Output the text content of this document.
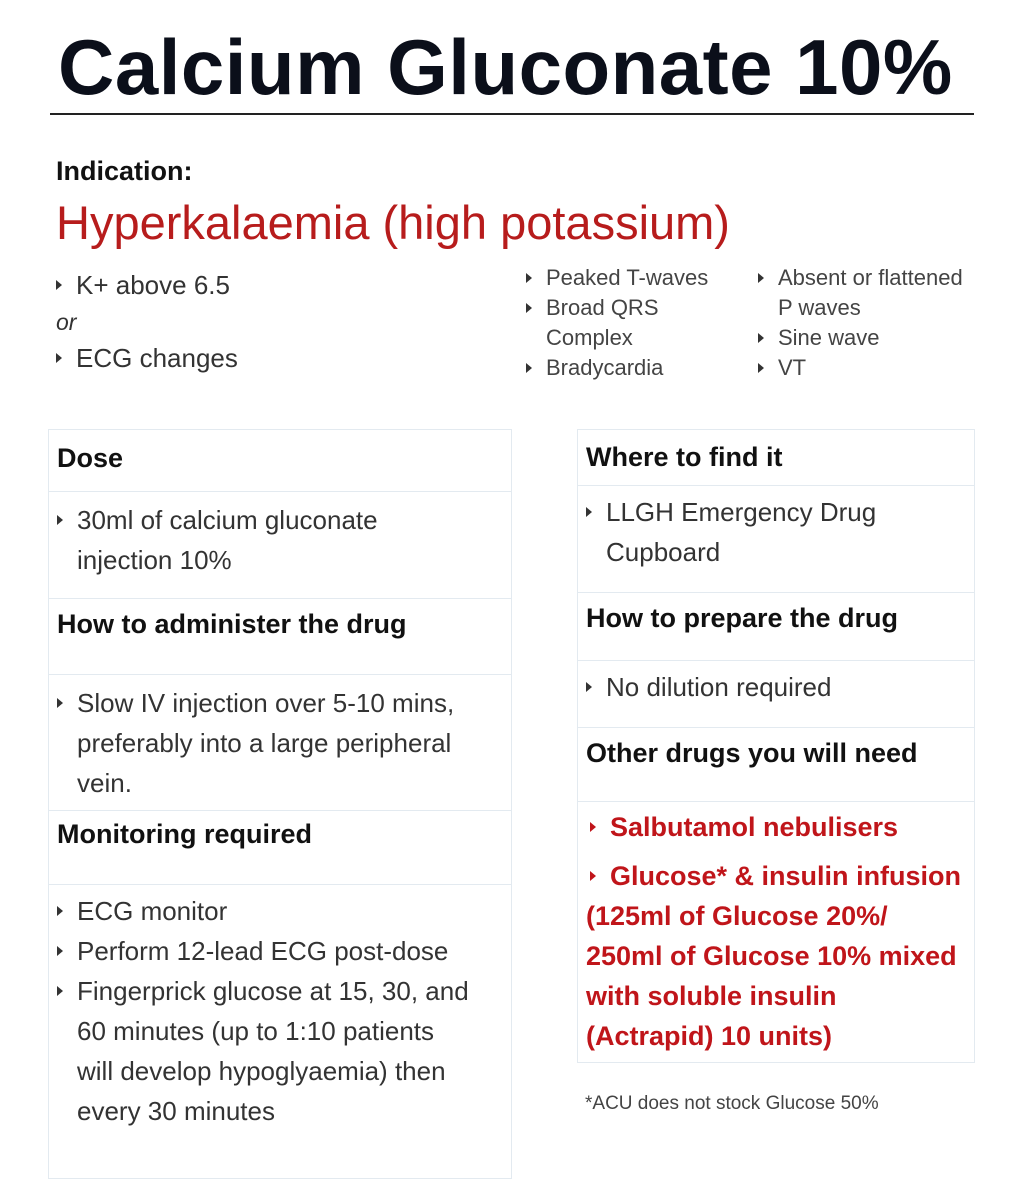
Calcium Gluconate 10%
Indication:
Hyperkalaemia (high potassium)
K+ above 6.5
or
ECG changes
Peaked T-waves
Broad QRS Complex
Bradycardia
Absent or flattened P waves
Sine wave
VT
Dose
30ml of calcium gluconate injection 10%
How to administer the drug
Slow IV injection over 5-10 mins, preferably into a large peripheral vein.
Monitoring required
ECG monitor
Perform 12-lead ECG post-dose
Fingerprick glucose at 15, 30, and 60 minutes (up to 1:10 patients will develop hypoglyaemia) then every 30 minutes
Where to find it
LLGH Emergency Drug Cupboard
How to prepare the drug
No dilution required
Other drugs you will need
Salbutamol nebulisers
Glucose* & insulin infusion (125ml of Glucose 20%/ 250ml of Glucose 10% mixed with soluble insulin (Actrapid) 10 units)
*ACU does not stock Glucose 50%
